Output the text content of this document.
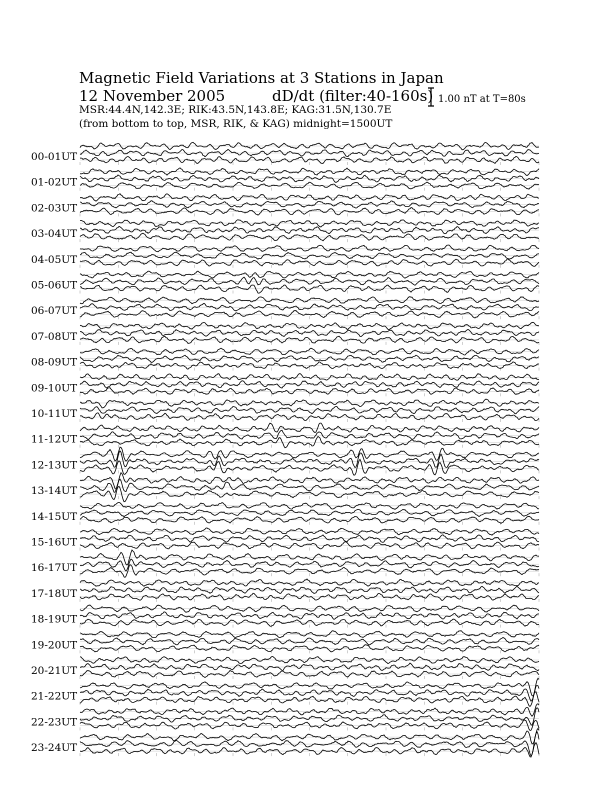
Magnetic Field Variations at 3 Stations in Japan
12 November 2005	dD/dt (filter:40-160s)
MSR:44.4N,142.3E; RIK:43.5N,143.8E; KAG:31.5N,130.7E
(from bottom to top, MSR, RIK, & KAG) midnight=1500UT
1.00 nT at T=80s
00-01UT
01-02UT
02-03UT
03-04UT
04-05UT
05-06UT
06-07UT
07-08UT
08-09UT
09-10UT
10-11UT
11-12UT
12-13UT
13-14UT
14-15UT
15-16UT
16-17UT
17-18UT
18-19UT
19-20UT
20-21UT
21-22UT
22-23UT
23-24UT
